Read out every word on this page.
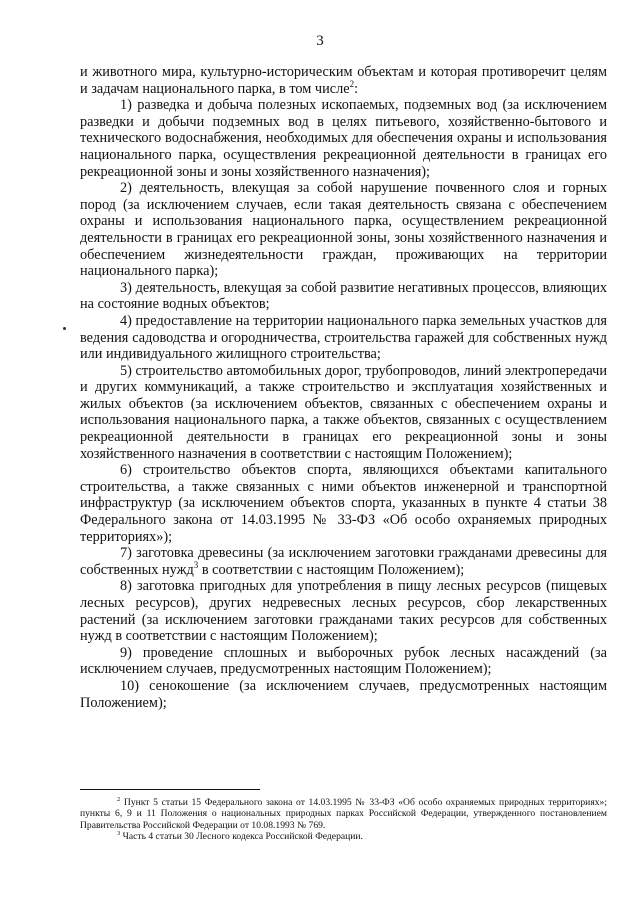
3

и животного мира, культурно-историческим объектам и которая противоречит целям и задачам национального парка, в том числе$^2$:

1) разведка и добыча полезных ископаемых, подземных вод (за исключением разведки и добычи подземных вод в целях питьевого, хозяйственно-бытового и технического водоснабжения, необходимых для обеспечения охраны и использования национального парка, осуществления рекреационной деятельности в границах его рекреационной зоны и зоны хозяйственного назначения);

2) деятельность, влекущая за собой нарушение почвенного слоя и горных пород (за исключением случаев, если такая деятельность связана с обеспечением охраны и использования национального парка, осуществлением рекреационной деятельности в границах его рекреационной зоны, зоны хозяйственного назначения и обеспечением жизнедеятельности граждан, проживающих на территории национального парка);

3) деятельность, влекущая за собой развитие негативных процессов, влияющих на состояние водных объектов;

4) предоставление на территории национального парка земельных участков для ведения садоводства и огородничества, строительства гаражей для собственных нужд или индивидуального жилищного строительства;

5) строительство автомобильных дорог, трубопроводов, линий электропередачи и других коммуникаций, а также строительство и эксплуатация хозяйственных и жилых объектов (за исключением объектов, связанных с обеспечением охраны и использования национального парка, а также объектов, связанных с осуществлением рекреационной деятельности в границах его рекреационной зоны и зоны хозяйственного назначения в соответствии с настоящим Положением);

6) строительство объектов спорта, являющихся объектами капитального строительства, а также связанных с ними объектов инженерной и транспортной инфраструктур (за исключением объектов спорта, указанных в пункте 4 статьи 38 Федерального закона от 14.03.1995 № 33-ФЗ «Об особо охраняемых природных территориях»);

7) заготовка древесины (за исключением заготовки гражданами древесины для собственных нужд$^3$ в соответствии с настоящим Положением);

8) заготовка пригодных для употребления в пищу лесных ресурсов (пищевых лесных ресурсов), других недревесных лесных ресурсов, сбор лекарственных растений (за исключением заготовки гражданами таких ресурсов для собственных нужд в соответствии с настоящим Положением);

9) проведение сплошных и выборочных рубок лесных насаждений (за исключением случаев, предусмотренных настоящим Положением);

10) сенокошение (за исключением случаев, предусмотренных настоящим Положением);

$^2$ Пункт 5 статьи 15 Федерального закона от 14.03.1995 № 33-ФЗ «Об особо охраняемых природных территориях»; пункты 6, 9 и 11 Положения о национальных природных парках Российской Федерации, утвержденного постановлением Правительства Российской Федерации от 10.08.1993 № 769.

$^3$ Часть 4 статьи 30 Лесного кодекса Российской Федерации.
